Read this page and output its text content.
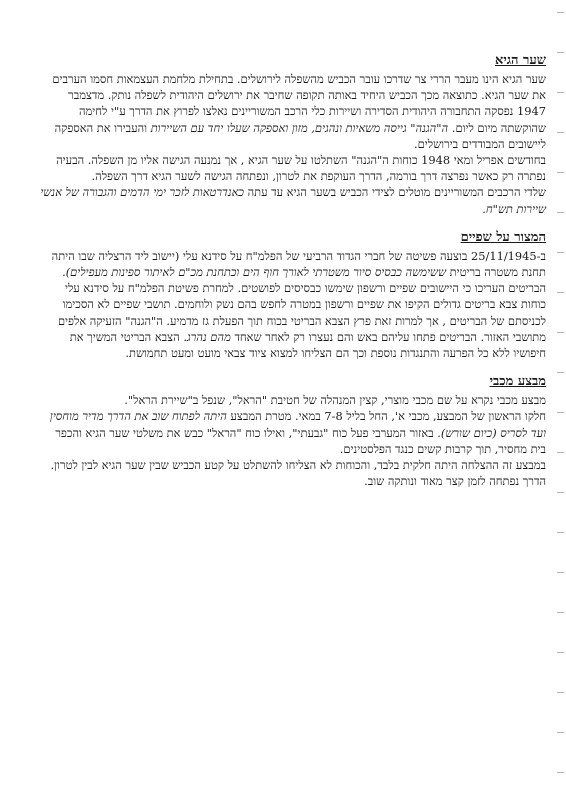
שער הגיא

שער הגיא הינו מעבר הררי צר שדרכו עובר הכביש מהשפלה לירושלים. בתחילת מלחמת העצמאות חסמו הערבים את שער הגיא. כתוצאה מכך הכביש היחיד באותה תקופה שחיבר את ירושלים היהודית לשפלה נותק. מדצמבר 1947 נפסקה התחבורה היהודית הסדירה ושיירות כלי הרכב המשוריינים נאלצו לפרוץ את הדרך ע"י לחימה שהוקשתה מיום ליום. ה"הגנה" גייסה משאיות ונהגים, מזון ואספקה שעלו יחד עם השיירות והעבירו את האספקה ליישובים המבודדים בירושלים.

בחודשים אפריל ומאי 1948 כוחות ה"הגנה" השתלטו על שער הגיא , אך נמנעה הגישה אליו מן השפלה. הבעיה נפתרה רק כאשר נפרצה דרך בורמה, הדרך העוקפת את לטרון, ונפתחה הגישה לשער הגיא דרך השפלה.

שלדי הרכבים המשוריינים מוטלים לצידי הכביש בשער הגיא עד עתה כאנדרטאות לזכר ימי הדמים והגבורה של אנשי שיירות תש"ח.

המצור על שפיים

ב-25/11/1945 בוצעה פשיטה של חברי הגדוד הרביעי של הפלמ"ח על סידנא עלי (יישוב ליד הרצליה שבו היתה תחנת משטרה בריטית ששימשה כבסיס סיור משטרתי לאורך חוף הים וכתחנת מכ"ם לאיתור ספינות מעפילים). הבריטים העריכו כי היישובים שפיים ורשפון שימשו כבסיסים לפושטים. למחרת פשיטת הפלמ"ח על סידנא עלי כוחות צבא בריטים גדולים הקיפו את שפיים ורשפון במטרה לחפש בהם נשק ולוחמים. תושבי שפיים לא הסכימו לכניסתם של הבריטים , אך למרות זאת פרץ הצבא הבריטי בכוח תוך הפעלת גז מדמיע. ה"הגנה" הזעיקה אלפים מתושבי האזור. הבריטים פתחו עליהם באש והם נעצרו רק לאחר שאחד מהם נהרג. הצבא הבריטי המשיך את חיפושיו ללא כל הפרעה והתנגדות נוספת וכך הם הצליחו למצוא ציוד צבאי מועט ומעט תחמושת.

מבצע מכבי

מבצע מכבי נקרא על שם מכבי מוצרי, קצין המנהלה של חטיבת "הראל", שנפל ב"שיירת הראל".

חלקו הראשון של המבצע, מכבי א', החל בליל 7-8 במאי. מטרת המבצע היתה לפתוח שוב את הדרך מדיר מוחסין ועד לסריס (כיום שורש). באזור המערבי פעל כוח "גבעתי", ואילו כוח "הראל" כבש את משלטי שער הגיא והכפר בית מחסיר, תוך קרבות קשים כנגד הפלסטינים.

במבצע זה ההצלחה היתה חלקית בלבד, והכוחות לא הצליחו להשתלט על קטע הכביש שבין שער הגיא לבין לטרון. הדרך נפתחה לזמן קצר מאוד ונותקה שוב.
